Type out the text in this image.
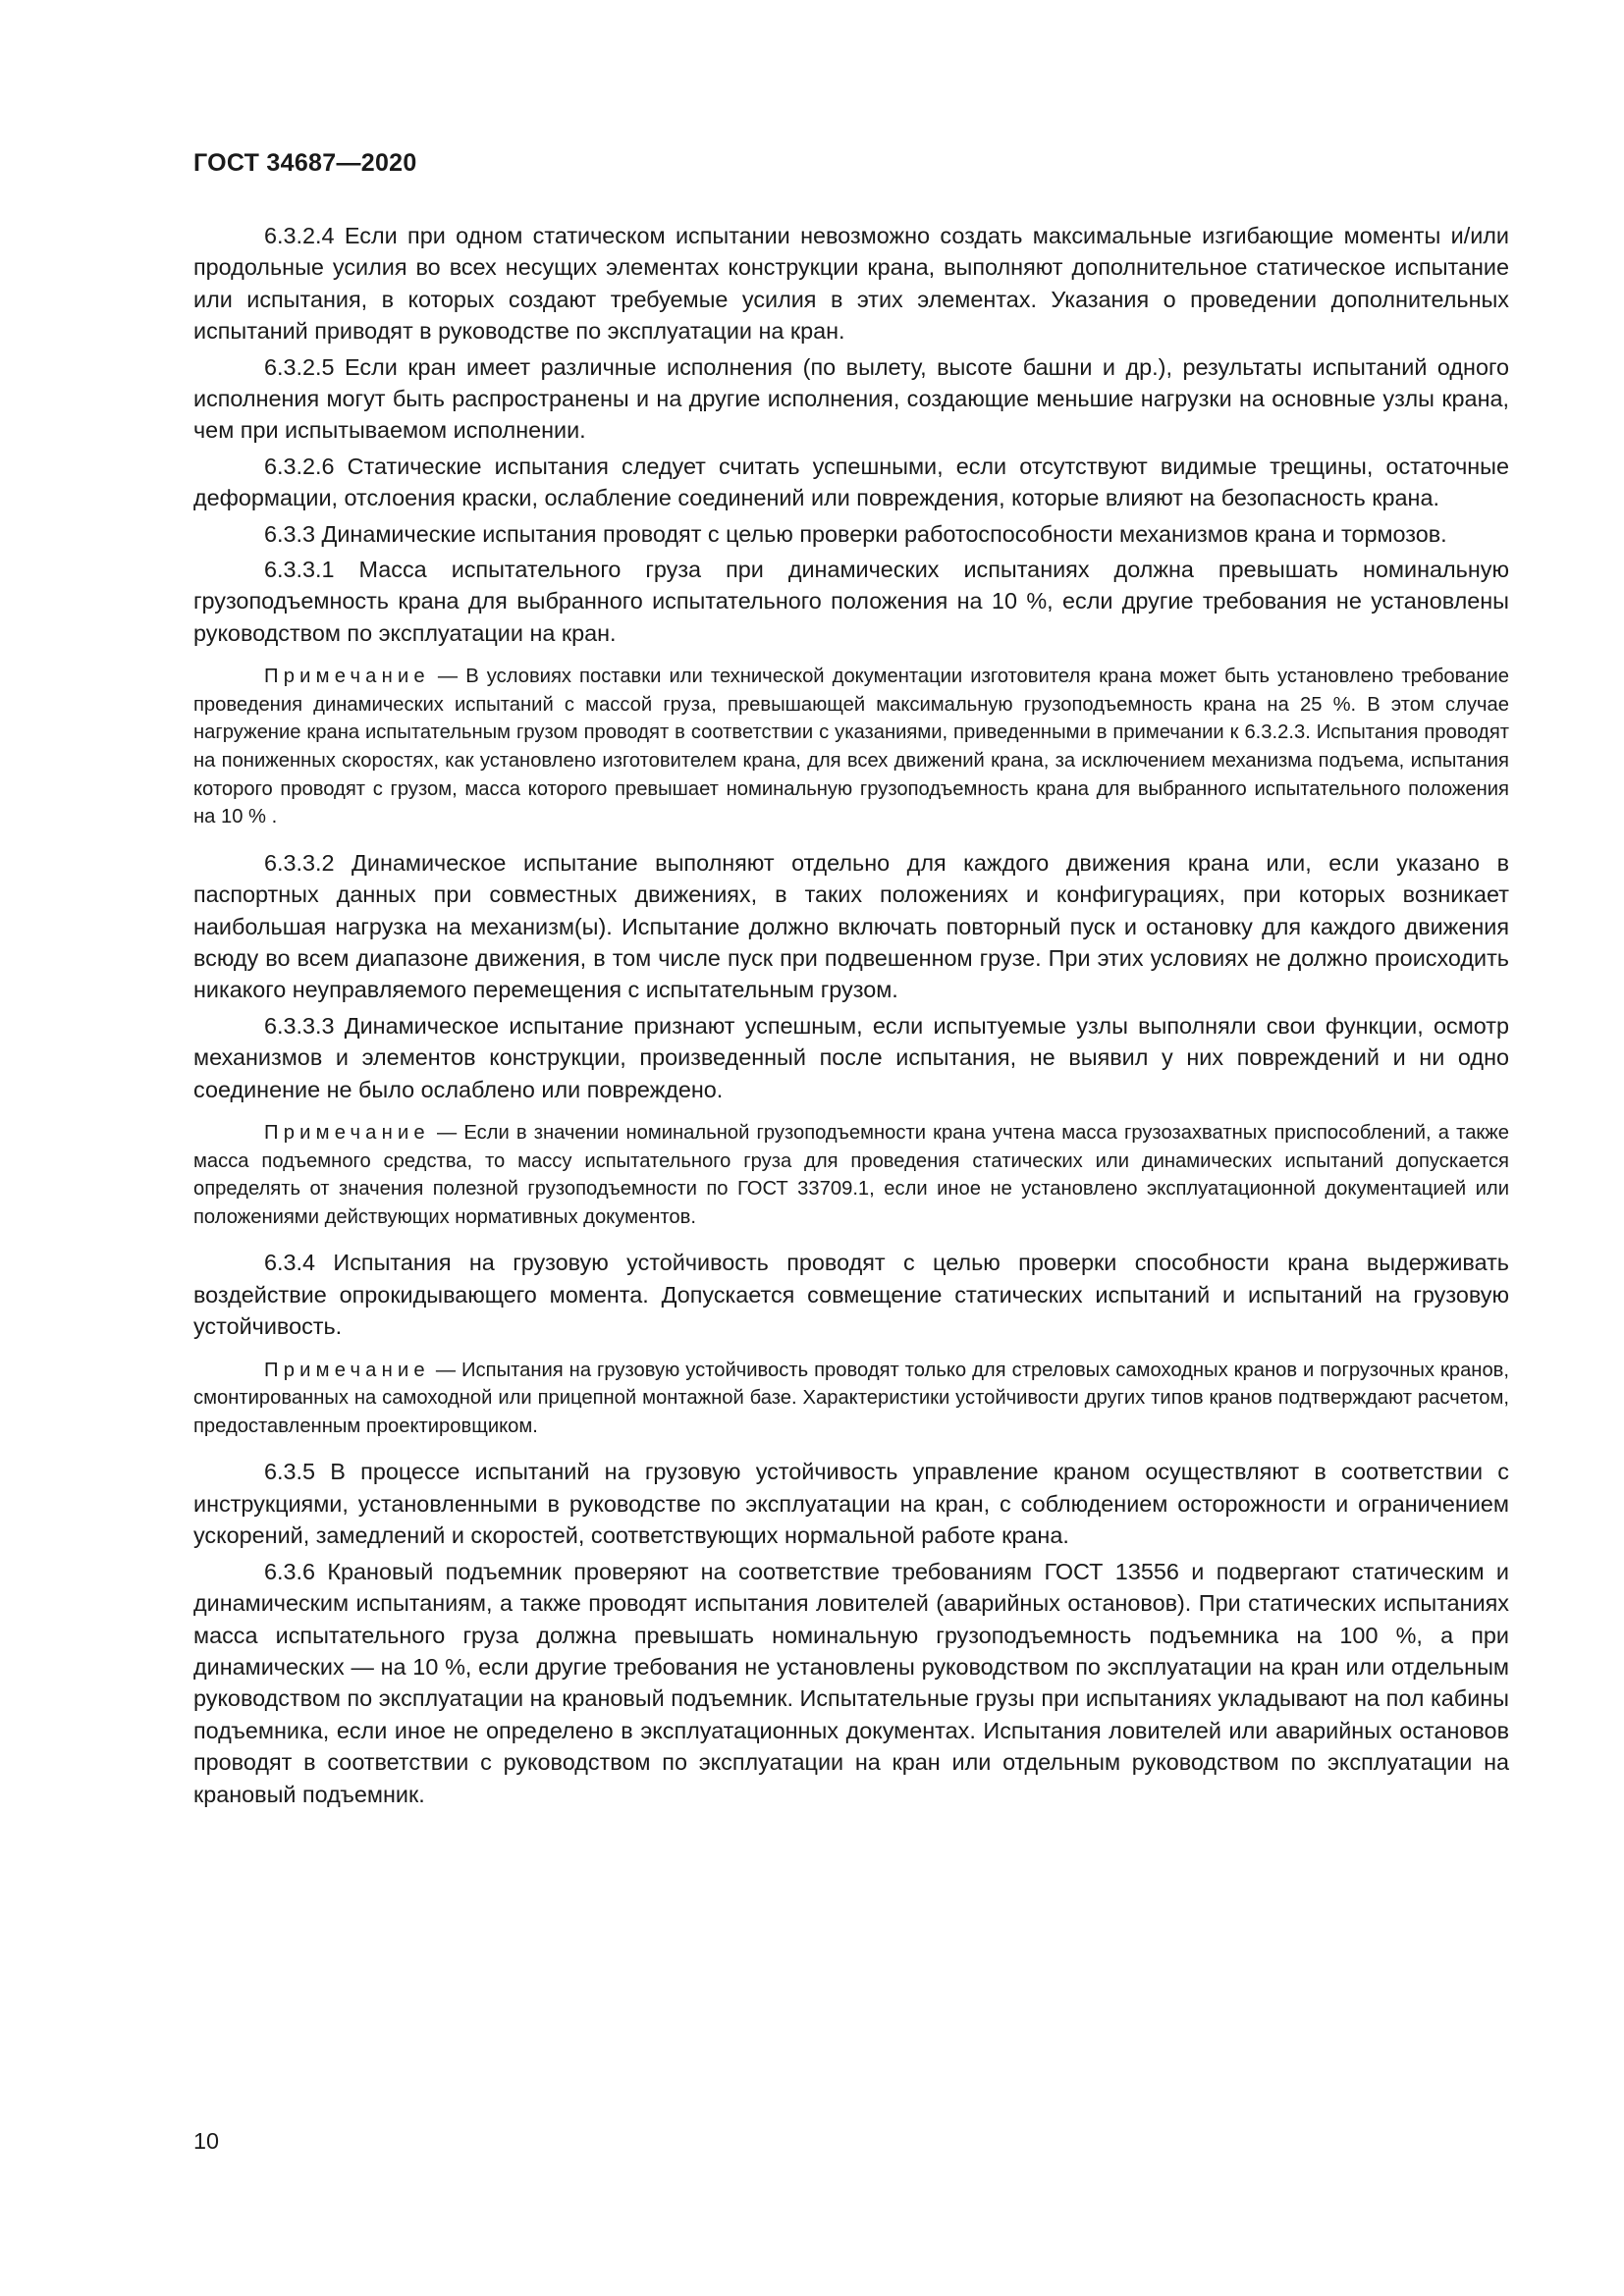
ГОСТ 34687—2020

6.3.2.4 Если при одном статическом испытании невозможно создать максимальные изгибающие моменты и/или продольные усилия во всех несущих элементах конструкции крана, выполняют дополнительное статическое испытание или испытания, в которых создают требуемые усилия в этих элементах. Указания о проведении дополнительных испытаний приводят в руководстве по эксплуатации на кран.

6.3.2.5 Если кран имеет различные исполнения (по вылету, высоте башни и др.), результаты испытаний одного исполнения могут быть распространены и на другие исполнения, создающие меньшие нагрузки на основные узлы крана, чем при испытываемом исполнении.

6.3.2.6 Статические испытания следует считать успешными, если отсутствуют видимые трещины, остаточные деформации, отслоения краски, ослабление соединений или повреждения, которые влияют на безопасность крана.

6.3.3 Динамические испытания проводят с целью проверки работоспособности механизмов крана и тормозов.

6.3.3.1 Масса испытательного груза при динамических испытаниях должна превышать номинальную грузоподъемность крана для выбранного испытательного положения на 10 %, если другие требования не установлены руководством по эксплуатации на кран.

Примечание — В условиях поставки или технической документации изготовителя крана может быть установлено требование проведения динамических испытаний с массой груза, превышающей максимальную грузоподъемность крана на 25 %. В этом случае нагружение крана испытательным грузом проводят в соответствии с указаниями, приведенными в примечании к 6.3.2.3. Испытания проводят на пониженных скоростях, как установлено изготовителем крана, для всех движений крана, за исключением механизма подъема, испытания которого проводят с грузом, масса которого превышает номинальную грузоподъемность крана для выбранного испытательного положения на 10 % .

6.3.3.2 Динамическое испытание выполняют отдельно для каждого движения крана или, если указано в паспортных данных при совместных движениях, в таких положениях и конфигурациях, при которых возникает наибольшая нагрузка на механизм(ы). Испытание должно включать повторный пуск и остановку для каждого движения всюду во всем диапазоне движения, в том числе пуск при подвешенном грузе. При этих условиях не должно происходить никакого неуправляемого перемещения с испытательным грузом.

6.3.3.3 Динамическое испытание признают успешным, если испытуемые узлы выполняли свои функции, осмотр механизмов и элементов конструкции, произведенный после испытания, не выявил у них повреждений и ни одно соединение не было ослаблено или повреждено.

Примечание — Если в значении номинальной грузоподъемности крана учтена масса грузозахватных приспособлений, а также масса подъемного средства, то массу испытательного груза для проведения статических или динамических испытаний допускается определять от значения полезной грузоподъемности по ГОСТ 33709.1, если иное не установлено эксплуатационной документацией или положениями действующих нормативных документов.

6.3.4 Испытания на грузовую устойчивость проводят с целью проверки способности крана выдерживать воздействие опрокидывающего момента. Допускается совмещение статических испытаний и испытаний на грузовую устойчивость.

Примечание — Испытания на грузовую устойчивость проводят только для стреловых самоходных кранов и погрузочных кранов, смонтированных на самоходной или прицепной монтажной базе. Характеристики устойчивости других типов кранов подтверждают расчетом, предоставленным проектировщиком.

6.3.5 В процессе испытаний на грузовую устойчивость управление краном осуществляют в соответствии с инструкциями, установленными в руководстве по эксплуатации на кран, с соблюдением осторожности и ограничением ускорений, замедлений и скоростей, соответствующих нормальной работе крана.

6.3.6 Крановый подъемник проверяют на соответствие требованиям ГОСТ 13556 и подвергают статическим и динамическим испытаниям, а также проводят испытания ловителей (аварийных остановов). При статических испытаниях масса испытательного груза должна превышать номинальную грузоподъемность подъемника на 100 %, а при динамических — на 10 %, если другие требования не установлены руководством по эксплуатации на кран или отдельным руководством по эксплуатации на крановый подъемник. Испытательные грузы при испытаниях укладывают на пол кабины подъемника, если иное не определено в эксплуатационных документах. Испытания ловителей или аварийных остановов проводят в соответствии с руководством по эксплуатации на кран или отдельным руководством по эксплуатации на крановый подъемник.

10
